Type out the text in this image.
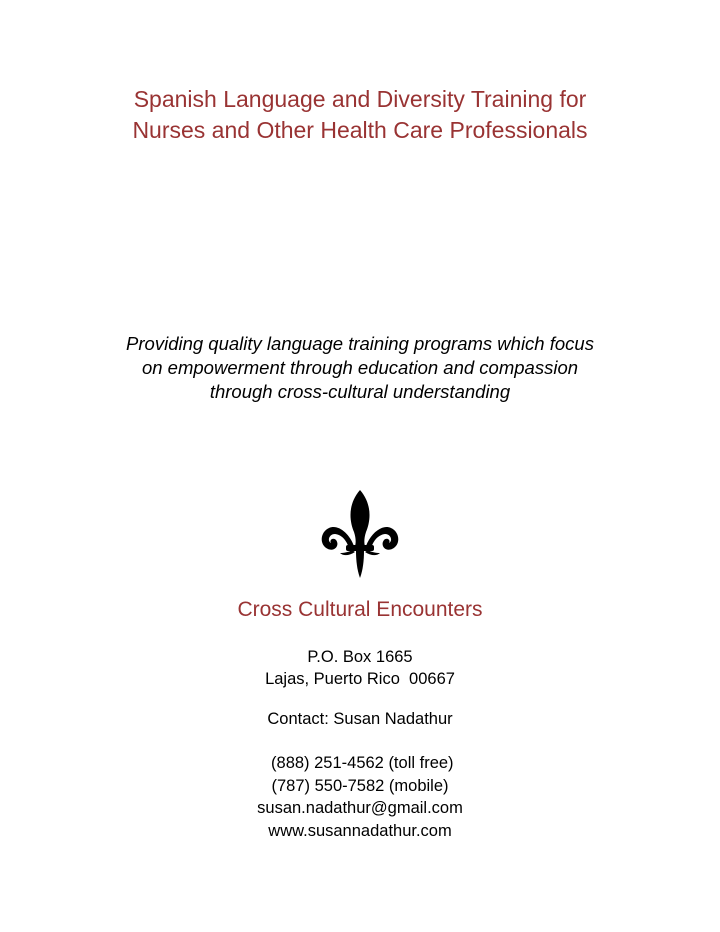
Spanish Language and Diversity Training for
Nurses and Other Health Care Professionals
Providing quality language training programs which focus
on empowerment through education and compassion
through cross-cultural understanding
Cross Cultural Encounters
P.O. Box 1665
Lajas, Puerto Rico  00667
Contact: Susan Nadathur
(888) 251-4562 (toll free)
(787) 550-7582 (mobile)
susan.nadathur@gmail.com
www.susannadathur.com
